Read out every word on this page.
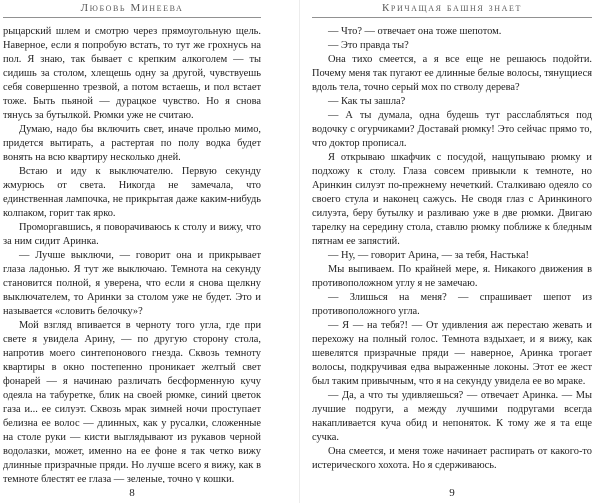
Любовь Минеева

рыцарский шлем и смотрю через прямоугольную щель. Наверное, если я попробую встать, то тут же грохнусь на пол. Я знаю, так бывает с крепким алкоголем — ты сидишь за столом, хлещешь одну за другой, чувствуешь себя совершенно трезвой, а потом встаешь, и пол встает тоже. Быть пьяной — дурацкое чувство. Но я снова тянусь за бутылкой. Рюмки уже не считаю.

Думаю, надо бы включить свет, иначе пролью мимо, придется вытирать, а растертая по полу водка будет вонять на всю квартиру несколько дней.

Встаю и иду к выключателю. Первую секунду жмурюсь от света. Никогда не замечала, что единственная лампочка, не прикрытая даже каким-нибудь колпаком, горит так ярко.

Проморгавшись, я поворачиваюсь к столу и вижу, что за ним сидит Аринка.

— Лучше выключи, — говорит она и прикрывает глаза ладонью. Я тут же выключаю. Темнота на секунду становится полной, я уверена, что если я снова щелкну выключателем, то Аринки за столом уже не будет. Это и называется «словить белочку»?

Мой взгляд впивается в черноту того угла, где при свете я увидела Арину, — по другую сторону стола, напротив моего синтепонового гнезда. Сквозь темноту квартиры в окно постепенно проникает желтый свет фонарей — я начинаю различать бесформенную кучу одеяла на табуретке, блик на своей рюмке, синий цветок газа и... ее силуэт. Сквозь мрак зимней ночи проступает белизна ее волос — длинных, как у русалки, сложенные на столе руки — кисти выглядывают из рукавов черной водолазки, может, именно на ее фоне я так четко вижу длинные призрачные пряди. Но лучше всего я вижу, как в темноте блестят ее глаза — зеленые, точно у кошки.

8
Кричащая башня знает

— Что? — отвечает она тоже шепотом.

— Это правда ты?

Она тихо смеется, а я все еще не решаюсь подойти. Почему меня так пугают ее длинные белые волосы, тянущиеся вдоль тела, точно серый мох по стволу дерева?

— Как ты зашла?

— А ты думала, одна будешь тут расслабляться под водочку с огурчиками? Доставай рюмку! Это сейчас прямо то, что доктор прописал.

Я открываю шкафчик с посудой, нащупываю рюмку и подхожу к столу. Глаза совсем привыкли к темноте, но Аринкин силуэт по-прежнему нечеткий. Сталкиваю одеяло со своего стула и наконец сажусь. Не сводя глаз с Аринкиного силуэта, беру бутылку и разливаю уже в две рюмки. Двигаю тарелку на середину стола, ставлю рюмку поближе к бледным пятнам ее запястий.

— Ну, — говорит Арина, — за тебя, Настька!

Мы выпиваем. По крайней мере, я. Никакого движения в противоположном углу я не замечаю.

— Злишься на меня? — спрашивает шепот из противоположного угла.

— Я — на тебя?! — От удивления аж перестаю жевать и перехожу на полный голос. Темнота вздыхает, и я вижу, как шевелятся призрачные пряди — наверное, Аринка трогает волосы, подкручивая едва выраженные локоны. Этот ее жест был таким привычным, что я на секунду увидела ее во мраке.

— Да, а что ты удивляешься? — отвечает Аринка. — Мы лучшие подруги, а между лучшими подругами всегда накапливается куча обид и непоняток. К тому же я та еще сучка.

Она смеется, и меня тоже начинает распирать от какого-то истерического хохота. Но я сдерживаюсь.

9
